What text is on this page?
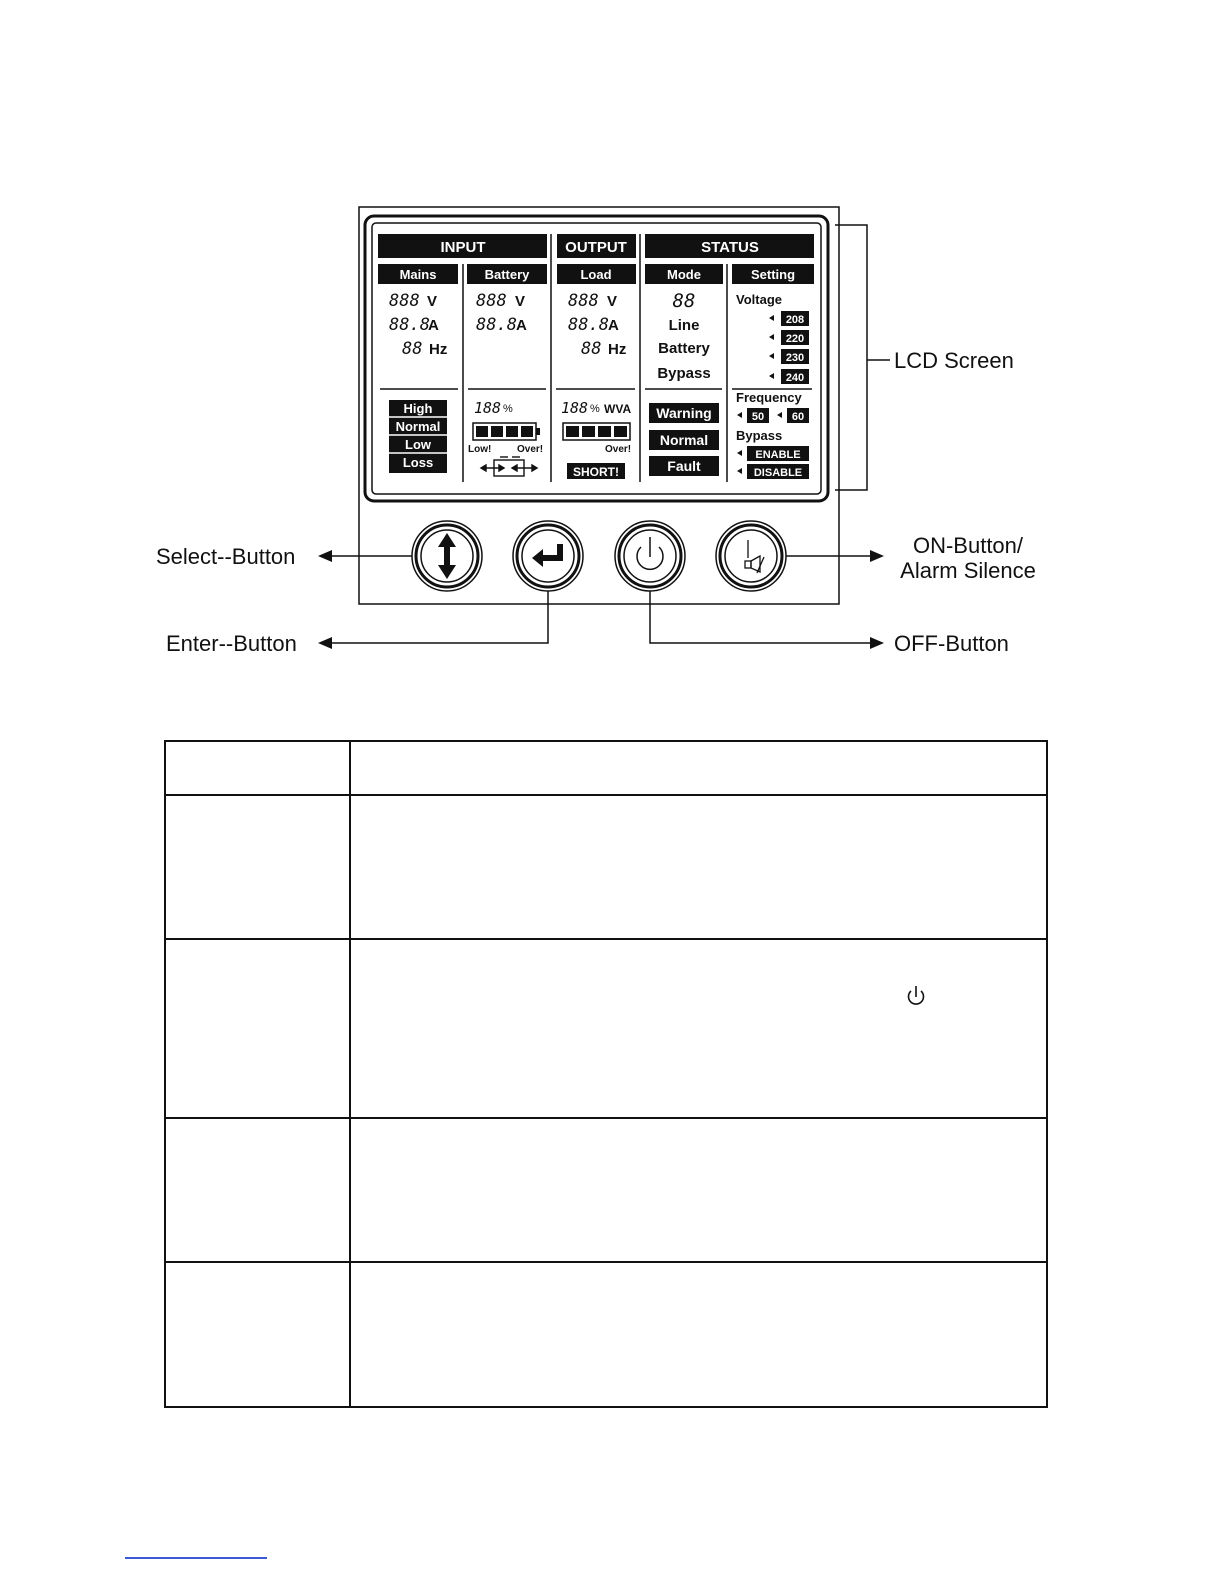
INPUT	OUTPUT	STATUS
Mains	Battery	Load	Mode	Setting
888 V
88.8
A
88 Hz
High
Normal
Low
Loss
888 V
88.8 A
188 %
Low!	Over!
888 V
88.8 A
88 Hz
188 % WVA
Over!
SHORT!
88
Line
Battery
Bypass
Warning
Normal
Fault
Voltage
208
220
230
240
Frequency
50	60
Bypass
ENABLE
DISABLE
LCD Screen
Select--Button
Enter--Button	OFF-Button
ON-Button/
Alarm Silence
